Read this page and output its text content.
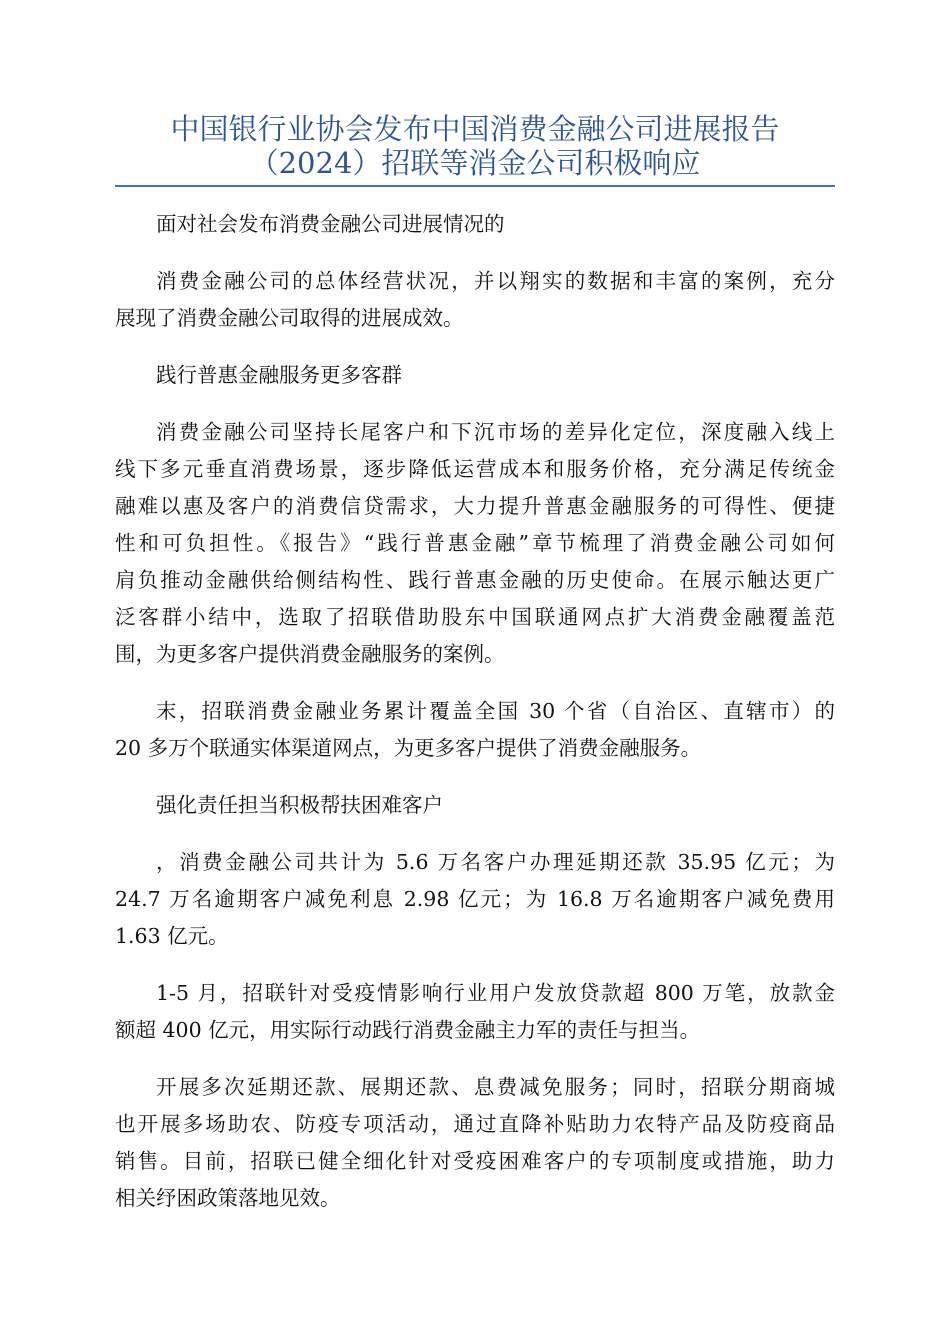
中国银行业协会发布中国消费金融公司进展报告
（2024）招联等消金公司积极响应

面对社会发布消费金融公司进展情况的

消费金融公司的总体经营状况，并以翔实的数据和丰富的案例，充分
展现了消费金融公司取得的进展成效。

践行普惠金融服务更多客群

消费金融公司坚持长尾客户和下沉市场的差异化定位，深度融入线上
线下多元垂直消费场景，逐步降低运营成本和服务价格，充分满足传统金
融难以惠及客户的消费信贷需求，大力提升普惠金融服务的可得性、便捷
性和可负担性。《报告》“践行普惠金融”章节梳理了消费金融公司如何
肩负推动金融供给侧结构性、践行普惠金融的历史使命。在展示触达更广
泛客群小结中，选取了招联借助股东中国联通网点扩大消费金融覆盖范
围，为更多客户提供消费金融服务的案例。

末，招联消费金融业务累计覆盖全国 30 个省（自治区、直辖市）的
20 多万个联通实体渠道网点，为更多客户提供了消费金融服务。

强化责任担当积极帮扶困难客户

，消费金融公司共计为 5.6 万名客户办理延期还款 35.95 亿元；为
24.7 万名逾期客户减免利息 2.98 亿元；为 16.8 万名逾期客户减免费用
1.63 亿元。

1-5 月，招联针对受疫情影响行业用户发放贷款超 800 万笔，放款金
额超 400 亿元，用实际行动践行消费金融主力军的责任与担当。

开展多次延期还款、展期还款、息费减免服务；同时，招联分期商城
也开展多场助农、防疫专项活动，通过直降补贴助力农特产品及防疫商品
销售。目前，招联已健全细化针对受疫困难客户的专项制度或措施，助力
相关纾困政策落地见效。
